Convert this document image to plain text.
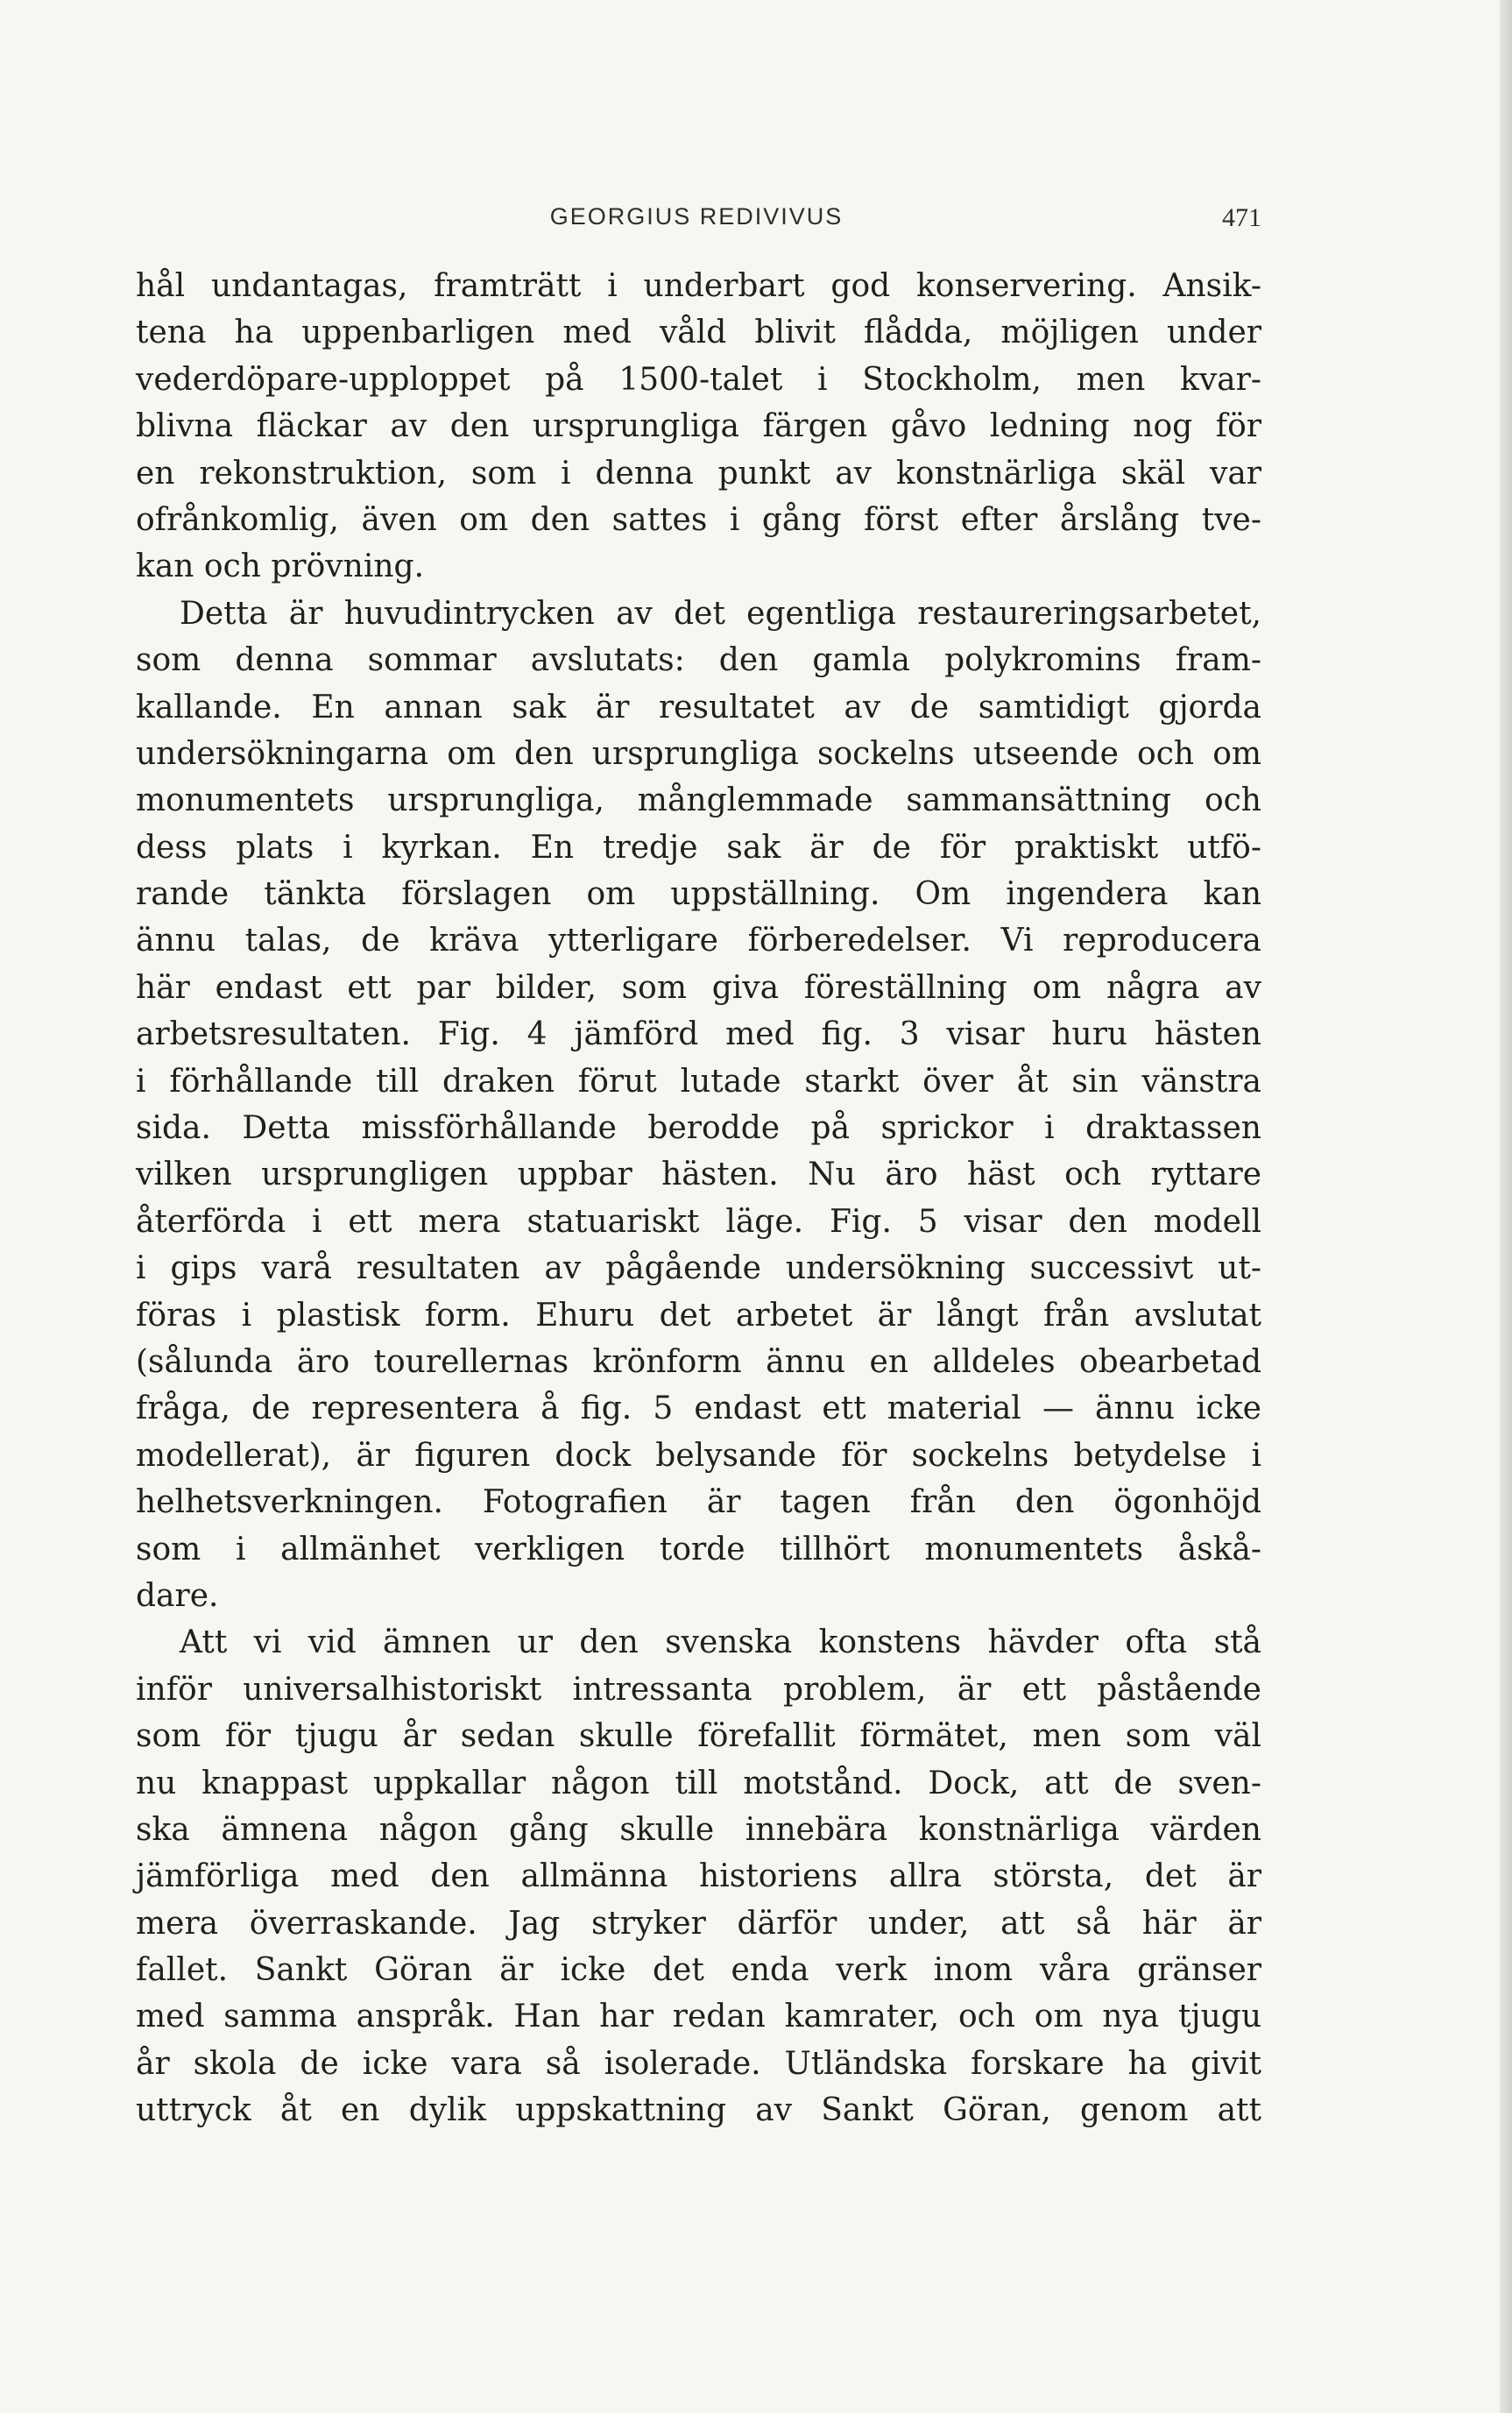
GEORGIUS REDIVIVUS	471
hål undantagas, framträtt i underbart god konservering. Ansik-
tena ha uppenbarligen med våld blivit flådda, möjligen under
vederdöpare-upploppet på 1500-talet i Stockholm, men kvar-
blivna fläckar av den ursprungliga färgen gåvo ledning nog för
en rekonstruktion, som i denna punkt av konstnärliga skäl var
ofrånkomlig, även om den sattes i gång först efter årslång tve-
kan och prövning.
Detta är huvudintrycken av det egentliga restaureringsarbetet,
som denna sommar avslutats: den gamla polykromins fram-
kallande. En annan sak är resultatet av de samtidigt gjorda
undersökningarna om den ursprungliga sockelns utseende och om
monumentets ursprungliga, månglemmade sammansättning och
dess plats i kyrkan. En tredje sak är de för praktiskt utfö-
rande tänkta förslagen om uppställning. Om ingendera kan
ännu talas, de kräva ytterligare förberedelser. Vi reproducera
här endast ett par bilder, som giva föreställning om några av
arbetsresultaten. Fig. 4 jämförd med fig. 3 visar huru hästen
i förhållande till draken förut lutade starkt över åt sin vänstra
sida. Detta missförhållande berodde på sprickor i draktassen
vilken ursprungligen uppbar hästen. Nu äro häst och ryttare
återförda i ett mera statuariskt läge. Fig. 5 visar den modell
i gips varå resultaten av pågående undersökning successivt ut-
föras i plastisk form. Ehuru det arbetet är långt från avslutat
(sålunda äro tourellernas krönform ännu en alldeles obearbetad
fråga, de representera å fig. 5 endast ett material — ännu icke
modellerat), är figuren dock belysande för sockelns betydelse i
helhetsverkningen. Fotografien är tagen från den ögonhöjd
som i allmänhet verkligen torde tillhört monumentets åskå-
dare.
Att vi vid ämnen ur den svenska konstens hävder ofta stå
inför universalhistoriskt intressanta problem, är ett påstående
som för tjugu år sedan skulle förefallit förmätet, men som väl
nu knappast uppkallar någon till motstånd. Dock, att de sven-
ska ämnena någon gång skulle innebära konstnärliga värden
jämförliga med den allmänna historiens allra största, det är
mera överraskande. Jag stryker därför under, att så här är
fallet. Sankt Göran är icke det enda verk inom våra gränser
med samma anspråk. Han har redan kamrater, och om nya tjugu
år skola de icke vara så isolerade. Utländska forskare ha givit
uttryck åt en dylik uppskattning av Sankt Göran, genom att
